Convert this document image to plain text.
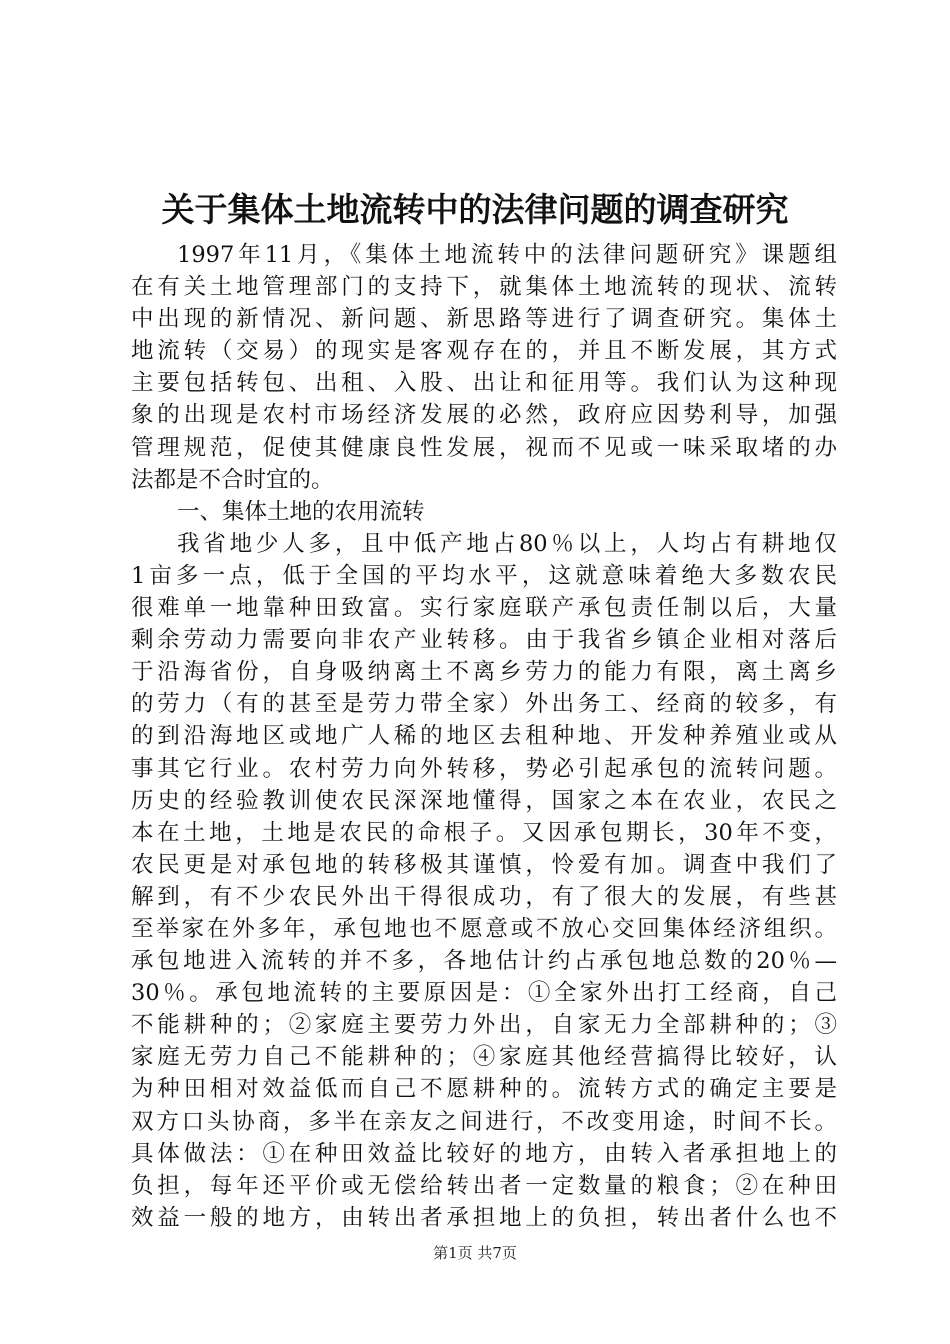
关于集体土地流转中的法律问题的调查研究
1997年11月，《集体土地流转中的法律问题研究》课题组
在有关土地管理部门的支持下，就集体土地流转的现状、流转
中出现的新情况、新问题、新思路等进行了调查研究。集体土
地流转（交易）的现实是客观存在的，并且不断发展，其方式
主要包括转包、出租、入股、出让和征用等。我们认为这种现
象的出现是农村市场经济发展的必然，政府应因势利导，加强
管理规范，促使其健康良性发展，视而不见或一味采取堵的办
法都是不合时宜的。
一、集体土地的农用流转
我省地少人多，且中低产地占80％以上，人均占有耕地仅
1亩多一点，低于全国的平均水平，这就意味着绝大多数农民
很难单一地靠种田致富。实行家庭联产承包责任制以后，大量
剩余劳动力需要向非农产业转移。由于我省乡镇企业相对落后
于沿海省份，自身吸纳离土不离乡劳力的能力有限，离土离乡
的劳力（有的甚至是劳力带全家）外出务工、经商的较多，有
的到沿海地区或地广人稀的地区去租种地、开发种养殖业或从
事其它行业。农村劳力向外转移，势必引起承包的流转问题。
历史的经验教训使农民深深地懂得，国家之本在农业，农民之
本在土地，土地是农民的命根子。又因承包期长，30年不变，
农民更是对承包地的转移极其谨慎，怜爱有加。调查中我们了
解到，有不少农民外出干得很成功，有了很大的发展，有些甚
至举家在外多年，承包地也不愿意或不放心交回集体经济组织。
承包地进入流转的并不多，各地估计约占承包地总数的20％—
30％。承包地流转的主要原因是：①全家外出打工经商，自己
不能耕种的；②家庭主要劳力外出，自家无力全部耕种的；③
家庭无劳力自己不能耕种的；④家庭其他经营搞得比较好，认
为种田相对效益低而自己不愿耕种的。流转方式的确定主要是
双方口头协商，多半在亲友之间进行，不改变用途，时间不长。
具体做法：①在种田效益比较好的地方，由转入者承担地上的
负担，每年还平价或无偿给转出者一定数量的粮食；②在种田
效益一般的地方，由转出者承担地上的负担，转出者什么也不
第1页 共7页
